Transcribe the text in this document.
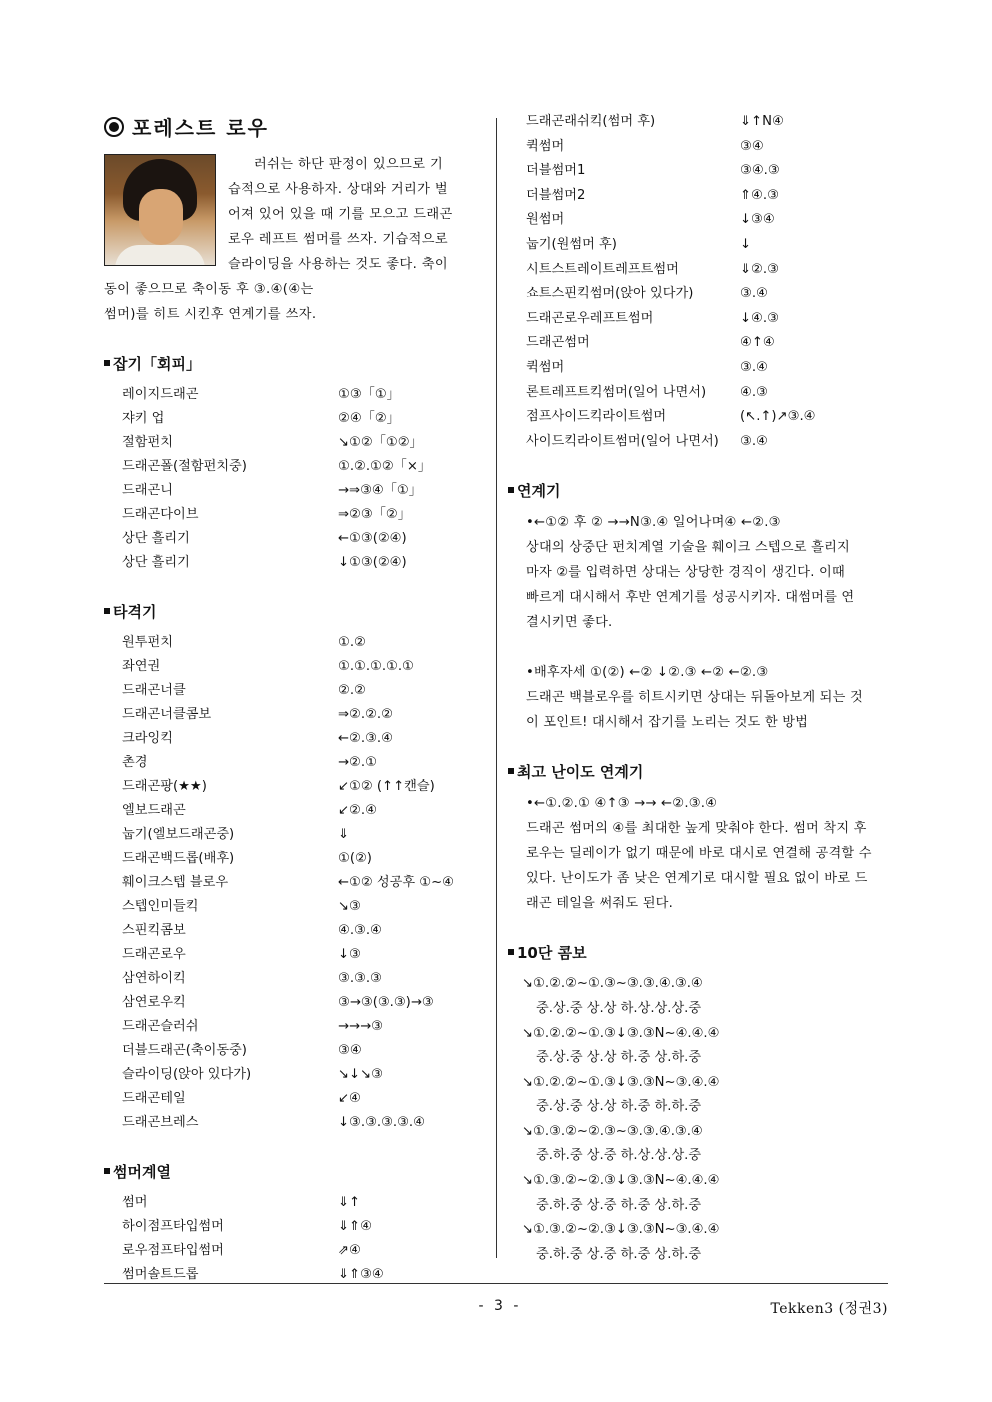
포레스트 로우

러쉬는 하단 판정이 있으므로 기
습적으로 사용하자. 상대와 거리가 벌
어져 있어 있을 때 기를 모으고 드래곤
로우 레프트 썸머를 쓰자. 기습적으로
슬라이딩을 사용하는 것도 좋다. 축이
동이 좋으므로 축이동 후 ③.④(④는
썸머)를 히트 시킨후 연계기를 쓰자.

잡기「회피」
레이지드래곤	①③「①」
쟈키 업	②④「②」
절함펀치	↘①②「①②」
드래곤폴(절함펀치중)	①.②.①②「×」
드래곤니	→⇒③④「①」
드래곤다이브	⇒②③「②」
상단 흘리기	←①③(②④)
상단 흘리기	↓①③(②④)
타격기
원투펀치	①.②
좌연권	①.①.①.①.①
드래곤너클	②.②
드래곤너클콤보	⇒②.②.②
크라잉킥	←②.③.④
촌경	→②.①
드래곤팡(★★)	↙①② (↑↑캔슬)
엘보드래곤	↙②.④
눕기(엘보드래곤중)	⇓
드래곤백드롭(배후)	①(②)
훼이크스텝 블로우	←①② 성공후 ①~④
스텝인미들킥	↘③
스핀킥콤보	④.③.④
드래곤로우	↓③
삼연하이킥	③.③.③
삼연로우킥	③→③(③.③)→③
드래곤슬러쉬	→→→③
더블드래곤(축이동중)	③④
슬라이딩(앉아 있다가)	↘↓↘③
드래곤테일	↙④
드래곤브레스	↓③.③.③.③.④
썸머계열
썸머	⇓↑
하이점프타입썸머	⇓⇑④
로우점프타입썸머	⇗④
썸머솔트드롭	⇓⇑③④
드래곤래쉬킥(썸머 후)	⇓↑N④
퀵썸머	③④
더블썸머1	③④.③
더블썸머2	⇑④.③
원썸머	↓③④
눕기(원썸머 후)	↓
시트스트레이트레프트썸머	⇓②.③
쇼트스핀킥썸머(앉아 있다가)	③.④
드래곤로우레프트썸머	↓④.③
드래곤썸머	④↑④
퀵썸머	③.④
론트레프트킥썸머(일어 나면서)	④.③
점프사이드킥라이트썸머	(↖.↑)↗③.④
사이드킥라이트썸머(일어 나면서) ③.④
연계기

•←①② 후 ② →→N③.④ 일어나며④ ←②.③
상대의 상중단 펀치계열 기술을 훼이크 스텝으로 흘리지
마자 ②를 입력하면 상대는 상당한 경직이 생긴다. 이때
빠르게 대시해서 후반 연계기를 성공시키자. 대썸머를 연
결시키면 좋다.

•배후자세 ①(②) ←② ↓②.③ ←② ←②.③
드래곤 백블로우를 히트시키면 상대는 뒤돌아보게 되는 것
이 포인트! 대시해서 잡기를 노리는 것도 한 방법

최고 난이도 연계기

•←①.②.① ④↑③ →→ ←②.③.④
드래곤 썸머의 ④를 최대한 높게 맞춰야 한다. 썸머 착지 후
로우는 딜레이가 없기 때문에 바로 대시로 연결해 공격할 수
있다. 난이도가 좀 낮은 연계기로 대시할 필요 없이 바로 드
래곤 테일을 써줘도 된다.

10단 콤보
↘①.②.②~①.③~③.③.④.③.④
중.상.중 상.상 하.상.상.상.중
↘①.②.②~①.③↓③.③N~④.④.④
중.상.중 상.상 하.중 상.하.중
↘①.②.②~①.③↓③.③N~③.④.④
중.상.중 상.상 하.중 하.하.중
↘①.③.②~②.③~③.③.④.③.④
중.하.중 상.중 하.상.상.상.중
↘①.③.②~②.③↓③.③N~④.④.④
중.하.중 상.중 하.중 상.하.중
↘①.③.②~②.③↓③.③N~③.④.④
중.하.중 상.중 하.중 상.하.중
- 3 -	Tekken3 (정권3)
